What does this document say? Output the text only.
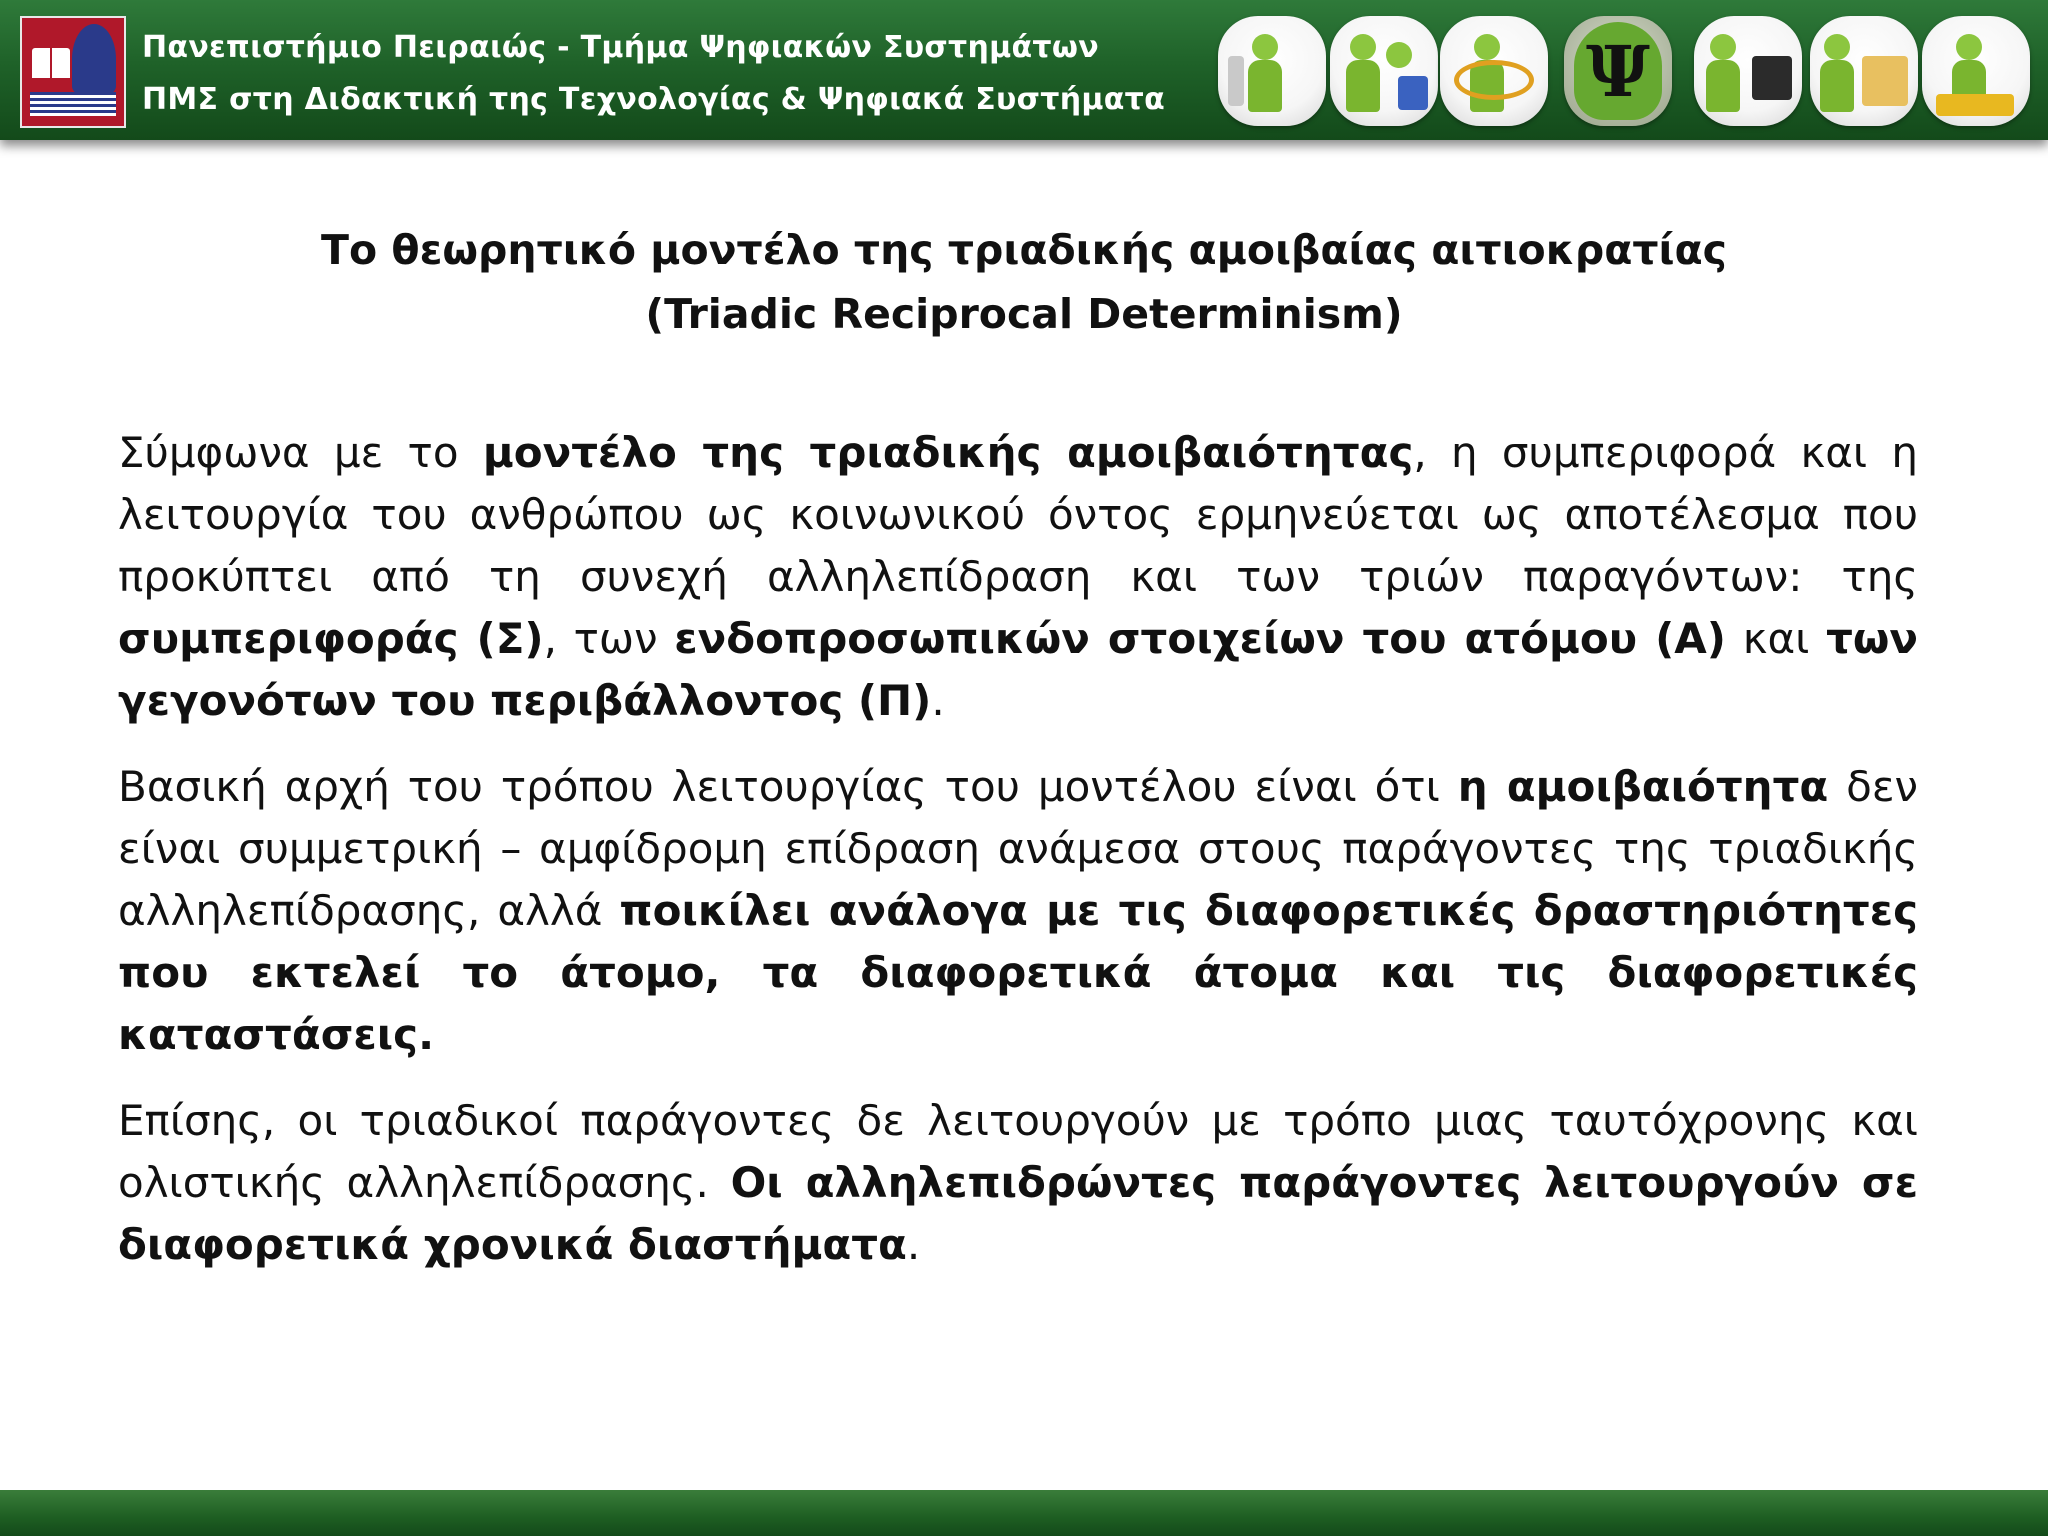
Πανεπιστήμιο Πειραιώς - Τμήμα Ψηφιακών Συστημάτων
ΠΜΣ στη Διδακτική της Τεχνολογίας & Ψηφιακά Συστήματα	Ψ
Το θεωρητικό μοντέλο της τριαδικής αμοιβαίας αιτιοκρατίας
(Triadic Reciprocal Determinism)

Σύμφωνα με το μοντέλο της τριαδικής αμοιβαιότητας, η συμπεριφορά και η λειτουργία του ανθρώπου ως κοινωνικού όντος ερμηνεύεται ως αποτέλεσμα που προκύπτει από τη συνεχή αλληλεπίδραση και των τριών παραγόντων: της συμπεριφοράς (Σ), των ενδοπροσωπικών στοιχείων του ατόμου (Α) και των γεγονότων του περιβάλλοντος (Π).

Βασική αρχή του τρόπου λειτουργίας του μοντέλου είναι ότι η αμοιβαιότητα δεν είναι συμμετρική – αμφίδρομη επίδραση ανάμεσα στους παράγοντες της τριαδικής αλληλεπίδρασης, αλλά ποικίλει ανάλογα με τις διαφορετικές δραστηριότητες που εκτελεί το άτομο, τα διαφορετικά άτομα και τις διαφορετικές καταστάσεις.

Επίσης, οι τριαδικοί παράγοντες δε λειτουργούν με τρόπο μιας ταυτόχρονης και ολιστικής αλληλεπίδρασης. Οι αλληλεπιδρώντες παράγοντες λειτουργούν σε διαφορετικά χρονικά διαστήματα.
